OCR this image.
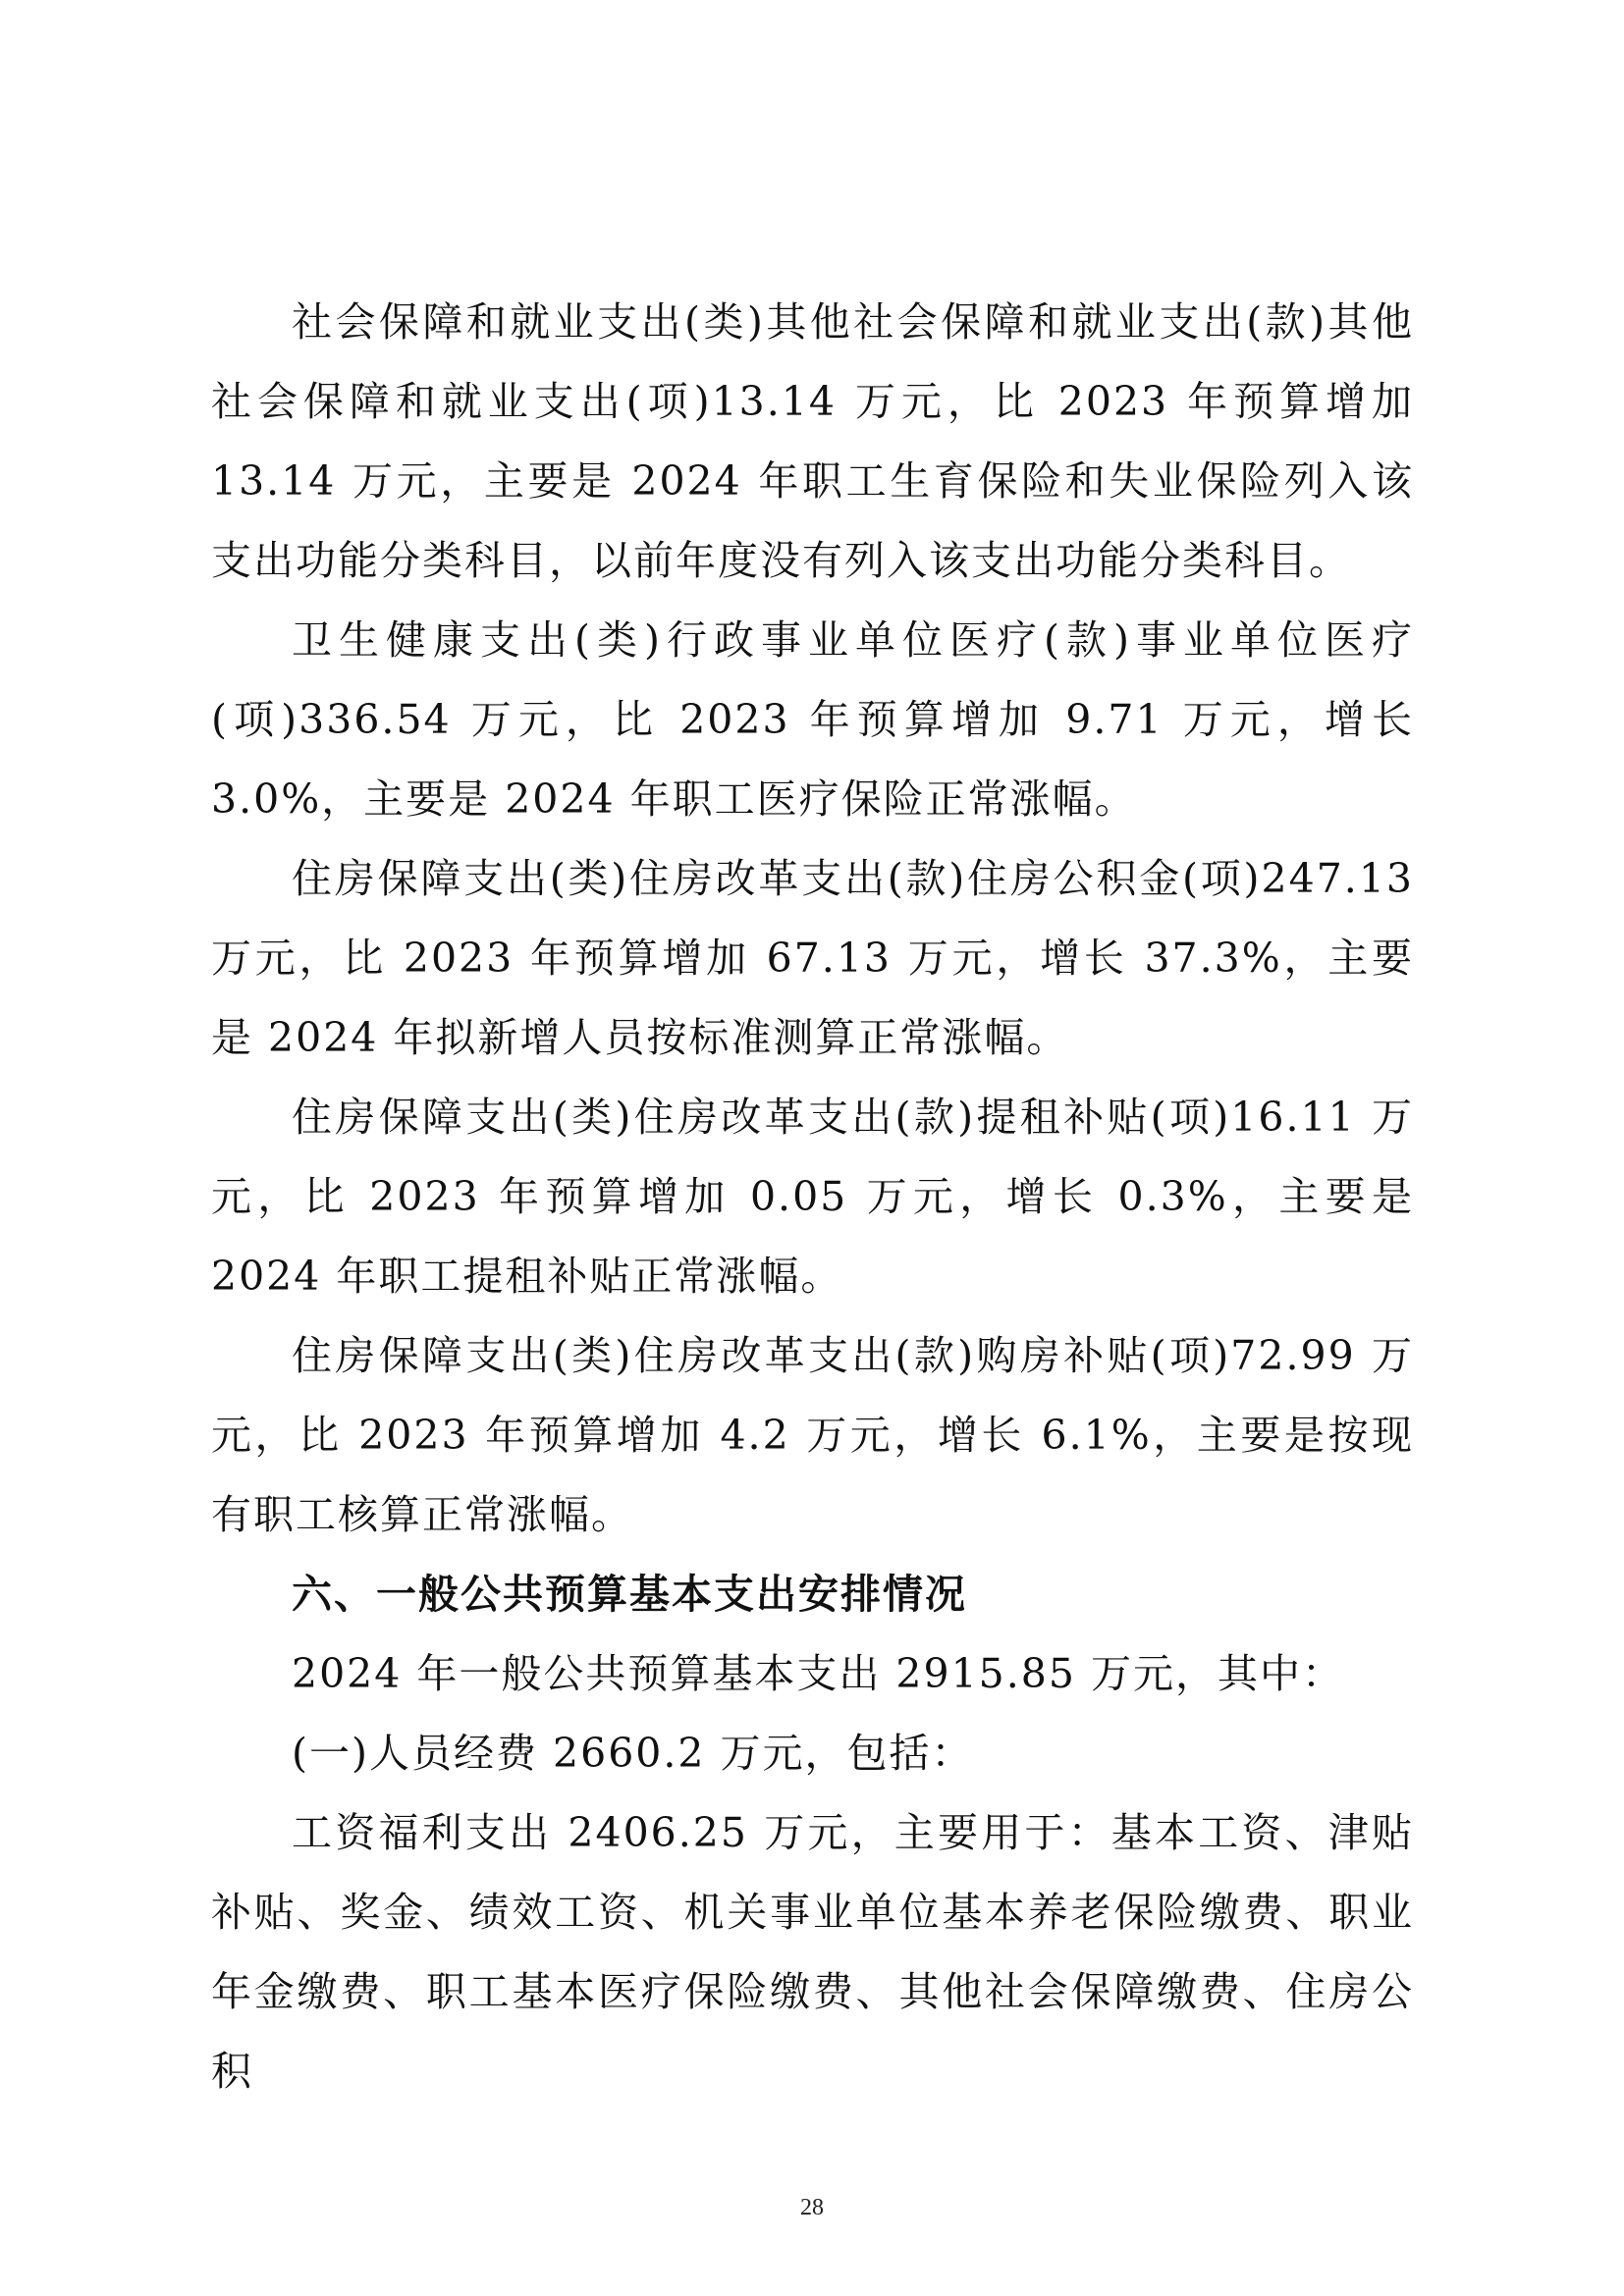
社会保障和就业支出(类)其他社会保障和就业支出(款)其他社会保障和就业支出(项)13.14 万元，比 2023 年预算增加 13.14 万元，主要是 2024 年职工生育保险和失业保险列入该支出功能分类科目，以前年度没有列入该支出功能分类科目。

卫生健康支出(类)行政事业单位医疗(款)事业单位医疗(项)336.54 万元，比 2023 年预算增加 9.71 万元，增长 3.0%，主要是 2024 年职工医疗保险正常涨幅。

住房保障支出(类)住房改革支出(款)住房公积金(项)247.13 万元，比 2023 年预算增加 67.13 万元，增长 37.3%，主要是 2024 年拟新增人员按标准测算正常涨幅。

住房保障支出(类)住房改革支出(款)提租补贴(项)16.11 万元，比 2023 年预算增加 0.05 万元，增长 0.3%，主要是 2024 年职工提租补贴正常涨幅。

住房保障支出(类)住房改革支出(款)购房补贴(项)72.99 万元，比 2023 年预算增加 4.2 万元，增长 6.1%，主要是按现有职工核算正常涨幅。

六、一般公共预算基本支出安排情况

2024 年一般公共预算基本支出 2915.85 万元，其中：

(一)人员经费 2660.2 万元，包括：

工资福利支出 2406.25 万元，主要用于：基本工资、津贴补贴、奖金、绩效工资、机关事业单位基本养老保险缴费、职业年金缴费、职工基本医疗保险缴费、其他社会保障缴费、住房公积

28
